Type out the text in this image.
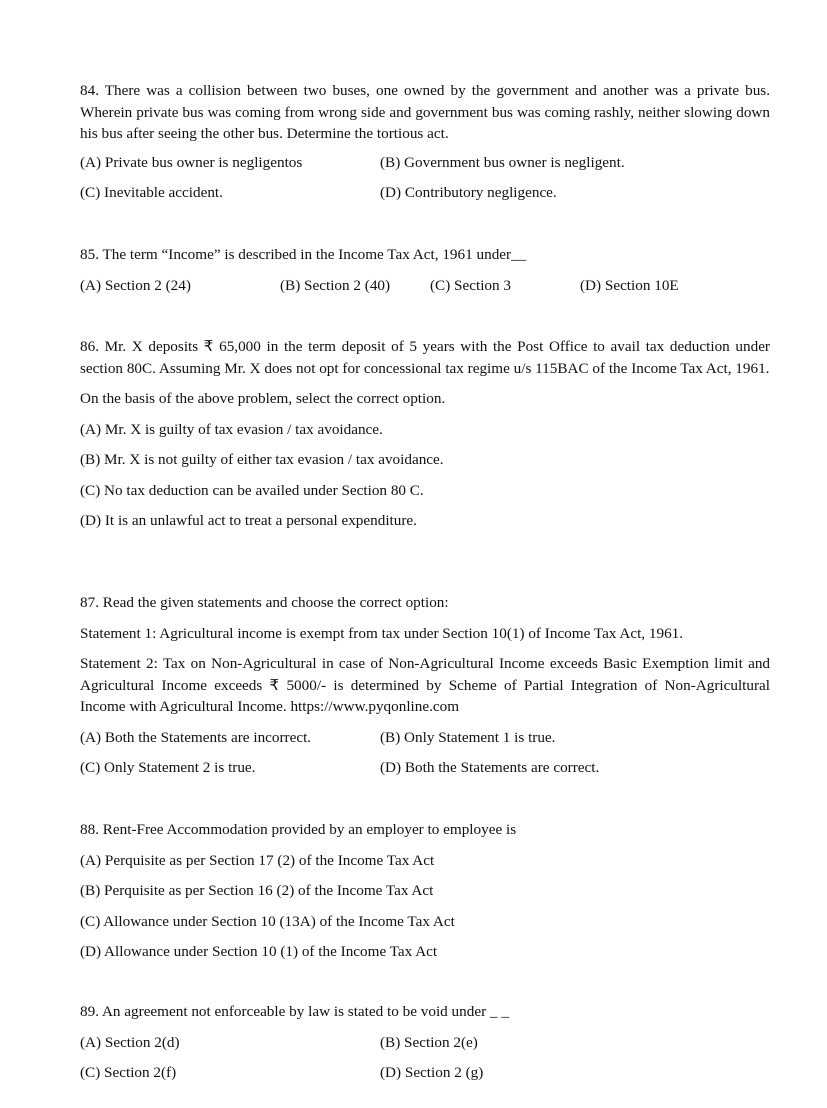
84. There was a collision between two buses, one owned by the government and another was a private bus. Wherein private bus was coming from wrong side and government bus was coming rashly, neither slowing down his bus after seeing the other bus. Determine the tortious act.

(A) Private bus owner is negligentos	(B) Government bus owner is negligent.
(C) Inevitable accident.	(D) Contributory negligence.

85. The term “Income” is described in the Income Tax Act, 1961 under__

(A) Section 2 (24)	(B) Section 2 (40)	(C) Section 3	(D) Section 10E

86. Mr. X deposits ₹ 65,000 in the term deposit of 5 years with the Post Office to avail tax deduction under section 80C. Assuming Mr. X does not opt for concessional tax regime u/s 115BAC of the Income Tax Act, 1961.

On the basis of the above problem, select the correct option.

(A) Mr. X is guilty of tax evasion / tax avoidance.

(B) Mr. X is not guilty of either tax evasion / tax avoidance.

(C) No tax deduction can be availed under Section 80 C.

(D) It is an unlawful act to treat a personal expenditure.

87. Read the given statements and choose the correct option:

Statement 1: Agricultural income is exempt from tax under Section 10(1) of Income Tax Act, 1961.

Statement 2: Tax on Non-Agricultural in case of Non-Agricultural Income exceeds Basic Exemption limit and Agricultural Income exceeds ₹ 5000/- is determined by Scheme of Partial Integration of Non-Agricultural Income with Agricultural Income. https://www.pyqonline.com

(A) Both the Statements are incorrect.	(B) Only Statement 1 is true.
(C) Only Statement 2 is true.	(D) Both the Statements are correct.

88. Rent-Free Accommodation provided by an employer to employee is

(A) Perquisite as per Section 17 (2) of the Income Tax Act

(B) Perquisite as per Section 16 (2) of the Income Tax Act

(C) Allowance under Section 10 (13A) of the Income Tax Act

(D) Allowance under Section 10 (1) of the Income Tax Act

89. An agreement not enforceable by law is stated to be void under _ _

(A) Section 2(d)	(B) Section 2(e)
(C) Section 2(f)	(D) Section 2 (g)
